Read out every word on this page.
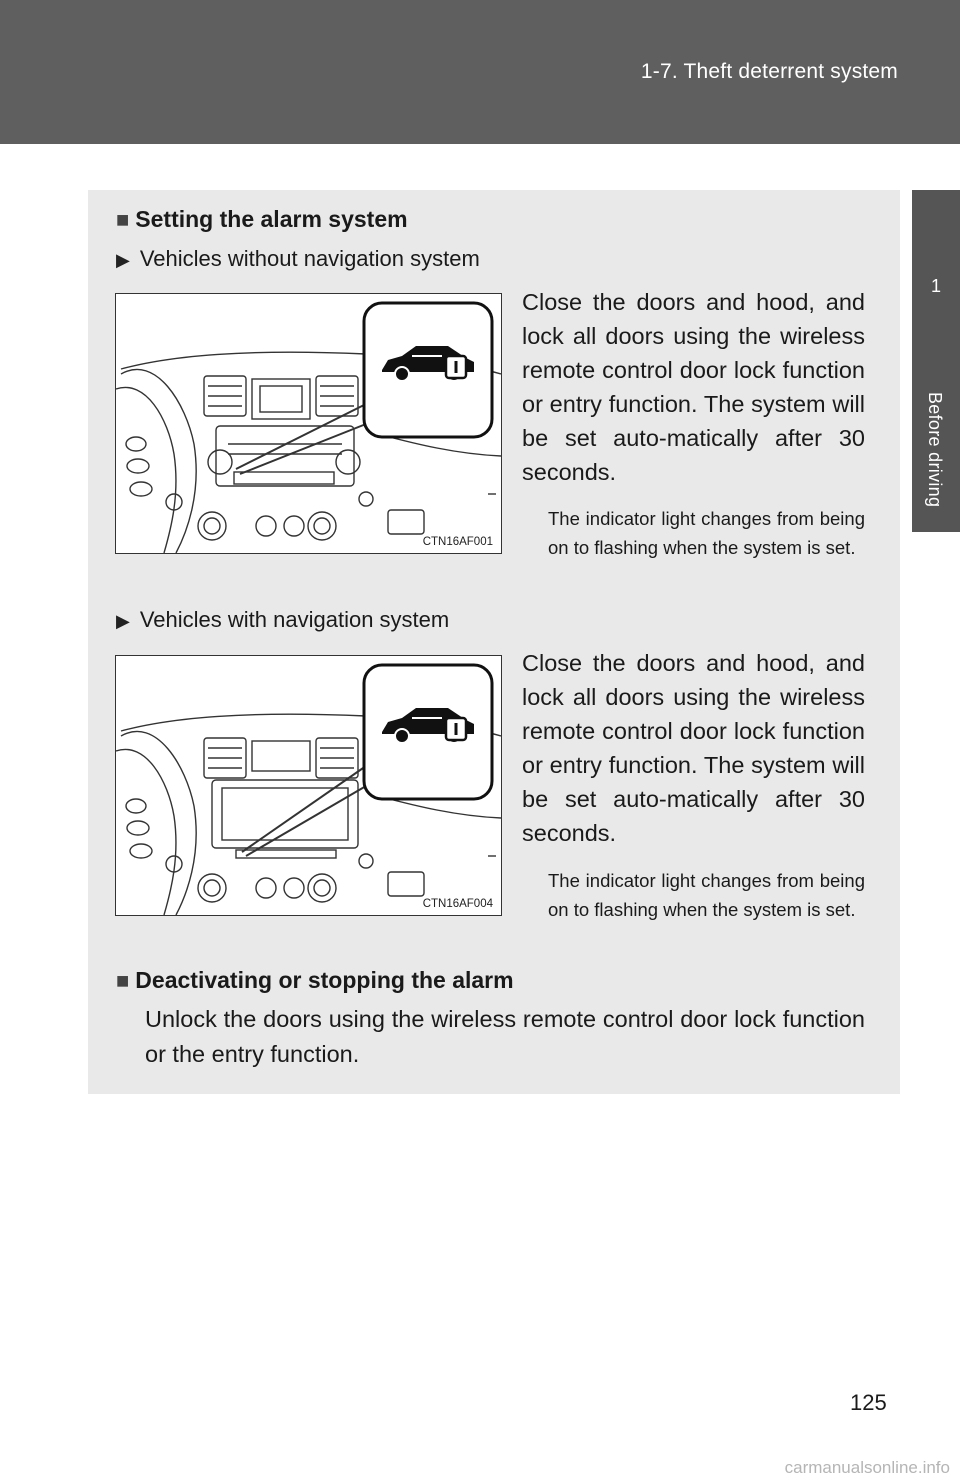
1-7. Theft deterrent system
1
Before driving
■ Setting the alarm system
▶ Vehicles without navigation system
CTN16AF001
Close the doors and hood, and lock all doors using the wireless remote control door lock function or entry function. The system will be set auto-matically after 30 seconds.
The indicator light changes from being on to flashing when the system is set.
▶ Vehicles with navigation system
CTN16AF004
Close the doors and hood, and lock all doors using the wireless remote control door lock function or entry function. The system will be set auto-matically after 30 seconds.
The indicator light changes from being on to flashing when the system is set.
■ Deactivating or stopping the alarm
Unlock the doors using the wireless remote control door lock function or the entry function.
125
carmanualsonline.info
